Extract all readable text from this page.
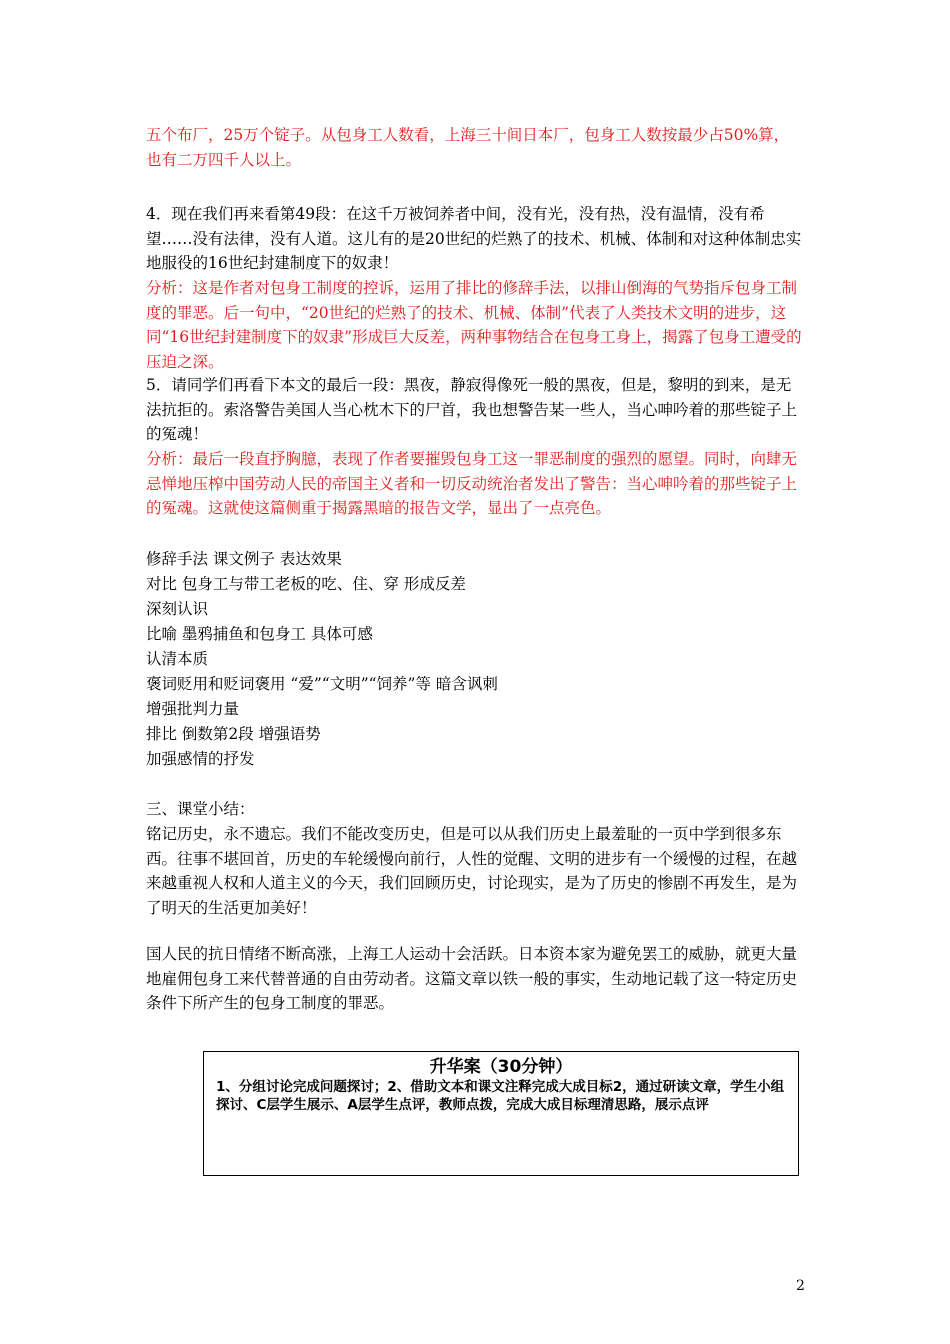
五个布厂，25万个锭子。从包身工人数看，上海三十间日本厂，包身工人数按最少占50%算，

也有二万四千人以上。

4．现在我们再来看第49段：在这千万被饲养者中间，没有光，没有热，没有温情，没有希望……没有法律，没有人道。这儿有的是20世纪的烂熟了的技术、机械、体制和对这种体制忠实地服役的16世纪封建制度下的奴隶！

分析：这是作者对包身工制度的控诉，运用了排比的修辞手法，以排山倒海的气势指斥包身工制度的罪恶。后一句中，“20世纪的烂熟了的技术、机械、体制”代表了人类技术文明的进步，这同“16世纪封建制度下的奴隶”形成巨大反差，两种事物结合在包身工身上，揭露了包身工遭受的压迫之深。

5．请同学们再看下本文的最后一段：黑夜，静寂得像死一般的黑夜，但是，黎明的到来，是无法抗拒的。索洛警告美国人当心枕木下的尸首，我也想警告某一些人，当心呻吟着的那些锭子上的冤魂！

分析：最后一段直抒胸臆，表现了作者要摧毁包身工这一罪恶制度的强烈的愿望。同时，向肆无忌惮地压榨中国劳动人民的帝国主义者和一切反动统治者发出了警告：当心呻吟着的那些锭子上的冤魂。这就使这篇侧重于揭露黑暗的报告文学，显出了一点亮色。

修辞手法 课文例子 表达效果

对比 包身工与带工老板的吃、住、穿 形成反差

深刻认识

比喻 墨鸦捕鱼和包身工 具体可感

认清本质

褒词贬用和贬词褒用 “爱”“文明”“饲养”等 暗含讽刺

增强批判力量

排比 倒数第2段 增强语势

加强感情的抒发

三、课堂小结：

铭记历史，永不遗忘。我们不能改变历史，但是可以从我们历史上最羞耻的一页中学到很多东西。往事不堪回首，历史的车轮缓慢向前行，人性的觉醒、文明的进步有一个缓慢的过程，在越来越重视人权和人道主义的今天，我们回顾历史，讨论现实，是为了历史的惨剧不再发生，是为了明天的生活更加美好！

国人民的抗日情绪不断高涨，上海工人运动十会活跃。日本资本家为避免罢工的威胁，就更大量地雇佣包身工来代替普通的自由劳动者。这篇文章以铁一般的事实，生动地记载了这一特定历史条件下所产生的包身工制度的罪恶。

升华案（30分钟）
1、分组讨论完成问题探讨；2、借助文本和课文注释完成大成目标2，通过研读文章，学生小组探讨、C层学生展示、A层学生点评，教师点拨，完成大成目标理清思路，展示点评
2
